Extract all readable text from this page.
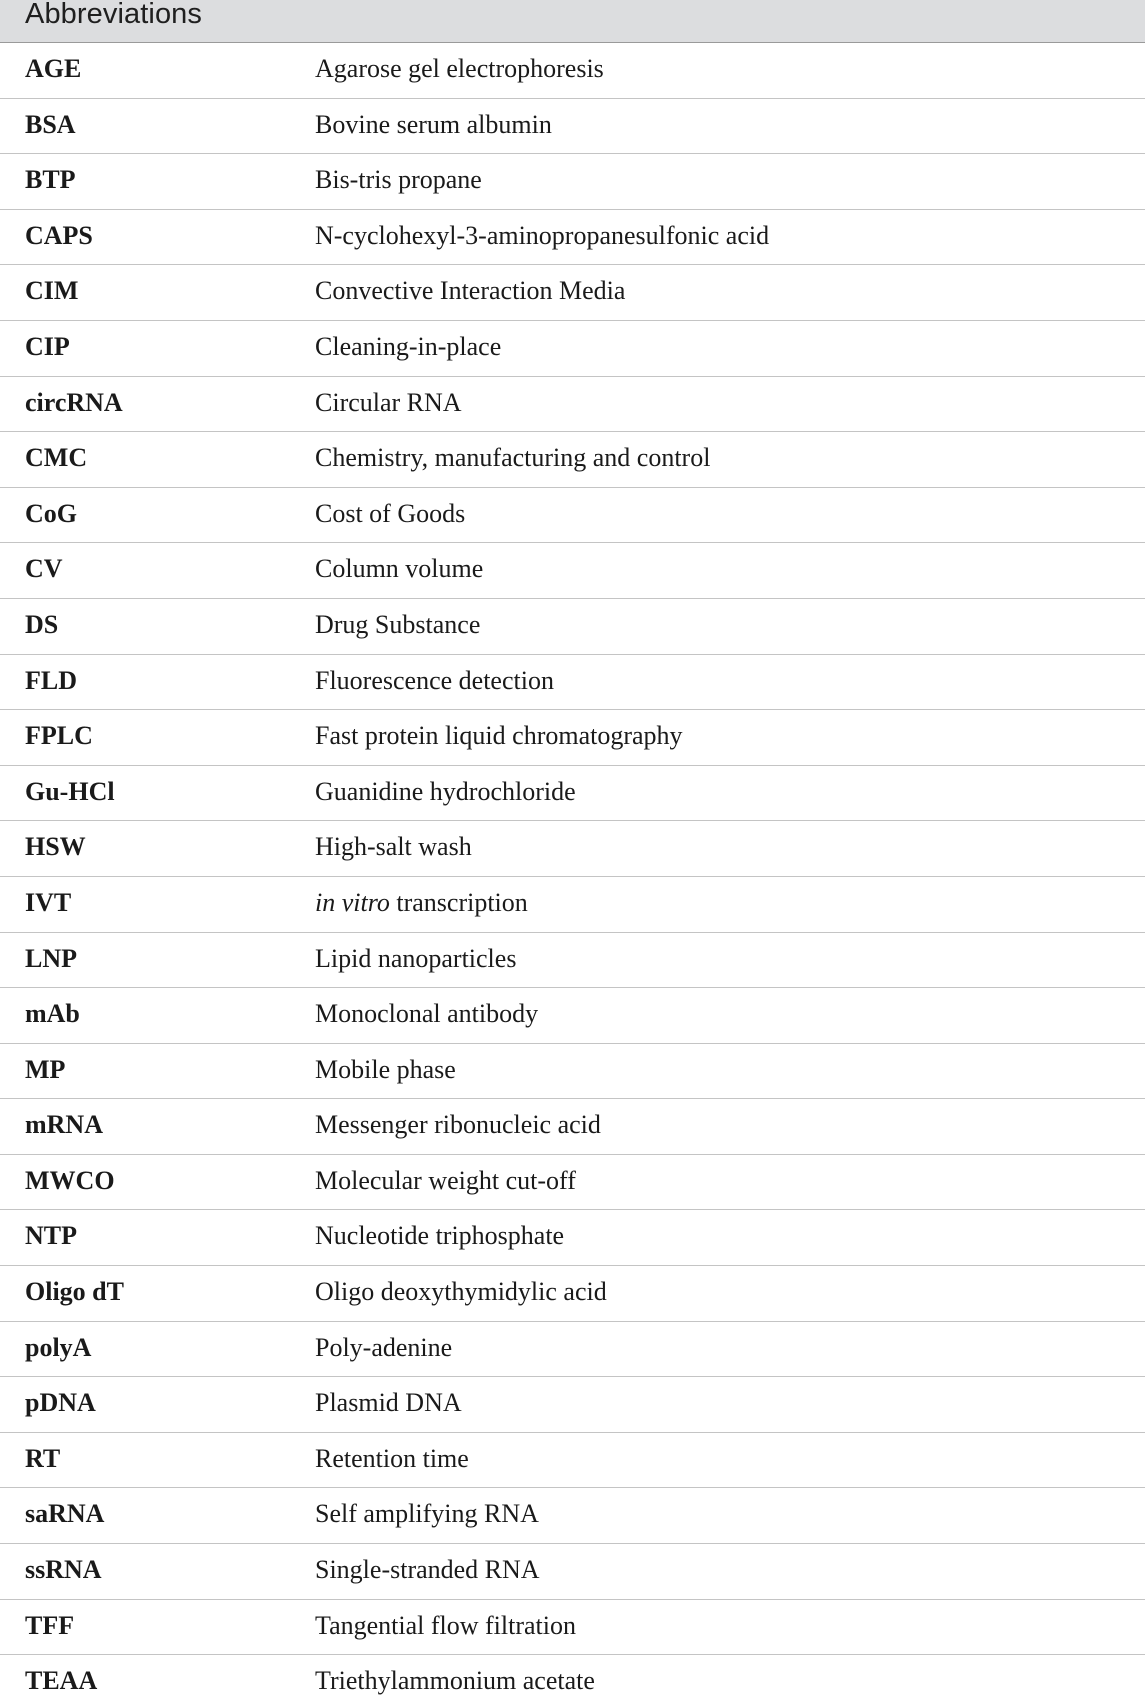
Abbreviations
AGE	Agarose gel electrophoresis
BSA	Bovine serum albumin
BTP	Bis-tris propane
CAPS	N-cyclohexyl-3-aminopropanesulfonic acid
CIM	Convective Interaction Media
CIP	Cleaning-in-place
circRNA	Circular RNA
CMC	Chemistry, manufacturing and control
CoG	Cost of Goods
CV	Column volume
DS	Drug Substance
FLD	Fluorescence detection
FPLC	Fast protein liquid chromatography
Gu-HCl	Guanidine hydrochloride
HSW	High-salt wash
IVT	in vitro transcription
LNP	Lipid nanoparticles
mAb	Monoclonal antibody
MP	Mobile phase
mRNA	Messenger ribonucleic acid
MWCO	Molecular weight cut-off
NTP	Nucleotide triphosphate
Oligo dT	Oligo deoxythymidylic acid
polyA	Poly-adenine
pDNA	Plasmid DNA
RT	Retention time
saRNA	Self amplifying RNA
ssRNA	Single-stranded RNA
TFF	Tangential flow filtration
TEAA	Triethylammonium acetate
